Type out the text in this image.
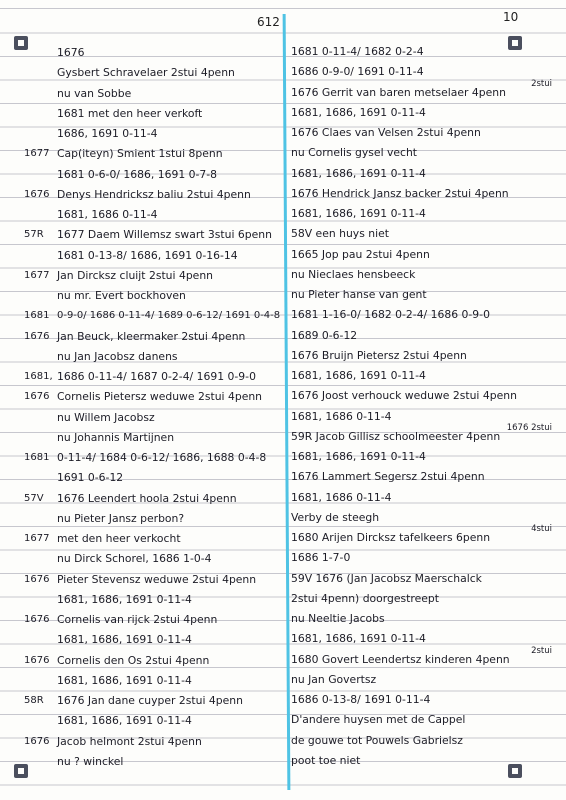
612	10
1676
Gysbert Schravelaer 2stui 4penn
nu van Sobbe
1681 met den heer verkoft
1686, 1691 0-11-4
Cap(iteyn) Smient 1stui 8penn
1677
1681 0-6-0/ 1686, 1691 0-7-8
Denys Hendricksz baliu 2stui 4penn
1676
1681, 1686 0-11-4
1677 Daem Willemsz swart 3stui 6penn
57R
1681 0-13-8/ 1686, 1691 0-16-14
Jan Dircksz cluijt 2stui 4penn
1677
nu mr. Evert bockhoven
0-9-0/ 1686 0-11-4/ 1689 0-6-12/ 1691 0-4-8
1681
Jan Beuck, kleermaker 2stui 4penn
1676
nu Jan Jacobsz danens
1686 0-11-4/ 1687 0-2-4/ 1691 0-9-0
1681,
Cornelis Pietersz weduwe 2stui 4penn
1676
nu Willem Jacobsz
nu Johannis Martijnen
0-11-4/ 1684 0-6-12/ 1686, 1688 0-4-8
1681
1691 0-6-12
1676 Leendert hoola 2stui 4penn
57V
nu Pieter Jansz perbon?
met den heer verkocht
1677
nu Dirck Schorel, 1686 1-0-4
Pieter Stevensz weduwe 2stui 4penn
1676
1681, 1686, 1691 0-11-4
Cornelis van rijck 2stui 4penn
1676
1681, 1686, 1691 0-11-4
Cornelis den Os 2stui 4penn
1676
1681, 1686, 1691 0-11-4
1676 Jan dane cuyper 2stui 4penn
58R
1681, 1686, 1691 0-11-4
Jacob helmont 2stui 4penn
1676
nu ? winckel
1681 0-11-4/ 1682 0-2-4
1686 0-9-0/ 1691 0-11-4
1676 Gerrit van baren metselaer 4penn
2stui
1681, 1686, 1691 0-11-4
1676 Claes van Velsen 2stui 4penn
nu Cornelis gysel vecht
1681, 1686, 1691 0-11-4
1676 Hendrick Jansz backer 2stui 4penn
1681, 1686, 1691 0-11-4
58V een huys niet
1665 Jop pau 2stui 4penn
nu Nieclaes hensbeeck
nu Pieter hanse van gent
1681 1-16-0/ 1682 0-2-4/ 1686 0-9-0
1689 0-6-12
1676 Bruijn Pietersz 2stui 4penn
1681, 1686, 1691 0-11-4
1676 Joost verhouck weduwe 2stui 4penn
1681, 1686 0-11-4
59R Jacob Gillisz schoolmeester 4penn
1676 2stui
1681, 1686, 1691 0-11-4
1676 Lammert Segersz 2stui 4penn
1681, 1686 0-11-4
Verby de steegh
1680 Arijen Dircksz tafelkeers 6penn
4stui
1686 1-7-0
59V 1676 (Jan Jacobsz Maerschalck
2stui 4penn) doorgestreept
nu Neeltie Jacobs
1681, 1686, 1691 0-11-4
1680 Govert Leendertsz kinderen 4penn
2stui
nu Jan Govertsz
1686 0-13-8/ 1691 0-11-4
D'andere huysen met de Cappel
de gouwe tot Pouwels Gabrielsz
poot toe niet
